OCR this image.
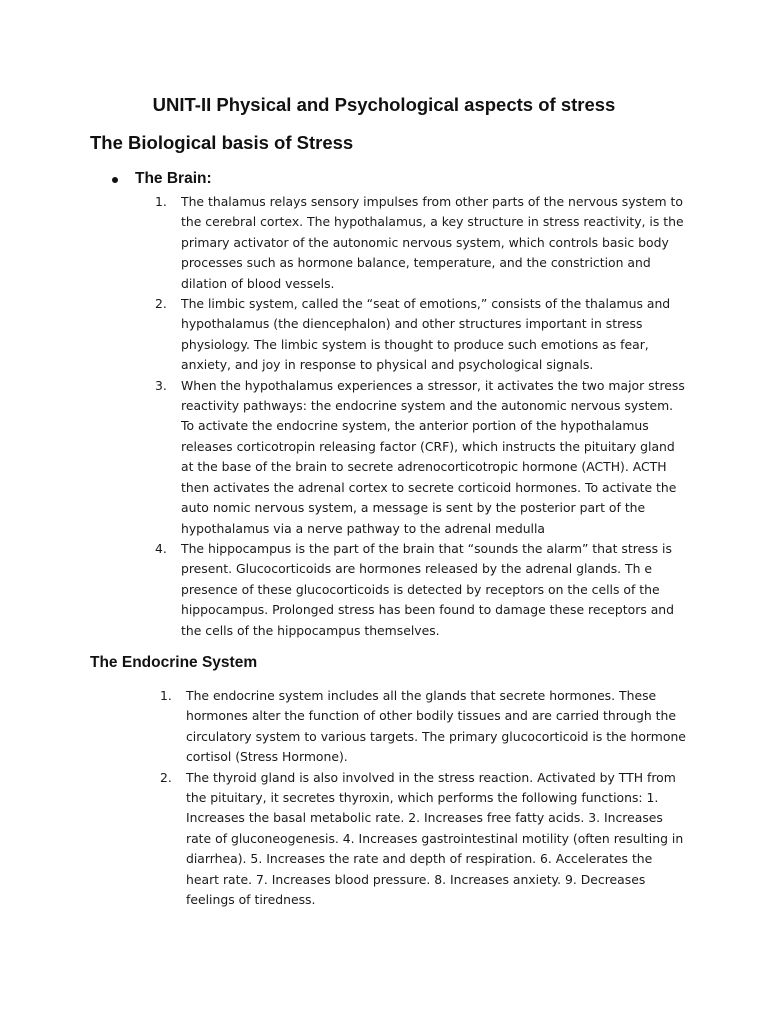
UNIT-II Physical and Psychological aspects of stress
The Biological basis of Stress
The Brain:
1.	The thalamus relays sensory impulses from other parts of the nervous system to the cerebral cortex. The hypothalamus, a key structure in stress reactivity, is the primary activator of the autonomic nervous system, which controls basic body processes such as hormone balance, temperature, and the constriction and dilation of blood vessels.
2.	The limbic system, called the “seat of emotions,” consists of the thalamus and hypothalamus (the diencephalon) and other structures important in stress physiology. The limbic system is thought to produce such emotions as fear, anxiety, and joy in response to physical and psychological signals.
3.	When the hypothalamus experiences a stressor, it activates the two major stress reactivity pathways: the endocrine system and the autonomic nervous system. To activate the endocrine system, the anterior portion of the hypothalamus releases corticotropin releasing factor (CRF), which instructs the pituitary gland at the base of the brain to secrete adrenocorticotropic hormone (ACTH). ACTH then activates the adrenal cortex to secrete corticoid hormones. To activate the auto nomic nervous system, a message is sent by the posterior part of the hypothalamus via a nerve pathway to the adrenal medulla
4.	The hippocampus is the part of the brain that “sounds the alarm” that stress is present. Glucocorticoids are hormones released by the adrenal glands. Th e presence of these glucocorticoids is detected by receptors on the cells of the hippocampus. Prolonged stress has been found to damage these receptors and the cells of the hippocampus themselves.
The Endocrine System
1.	The endocrine system includes all the glands that secrete hormones. These hormones alter the function of other bodily tissues and are carried through the circulatory system to various targets. The primary glucocorticoid is the hormone cortisol (Stress Hormone).
2.	The thyroid gland is also involved in the stress reaction. Activated by TTH from the pituitary, it secretes thyroxin, which performs the following functions: 1. Increases the basal metabolic rate. 2. Increases free fatty acids. 3. Increases rate of gluconeogenesis. 4. Increases gastrointestinal motility (often resulting in diarrhea). 5. Increases the rate and depth of respiration. 6. Accelerates the heart rate. 7. Increases blood pressure. 8. Increases anxiety. 9. Decreases feelings of tiredness.
